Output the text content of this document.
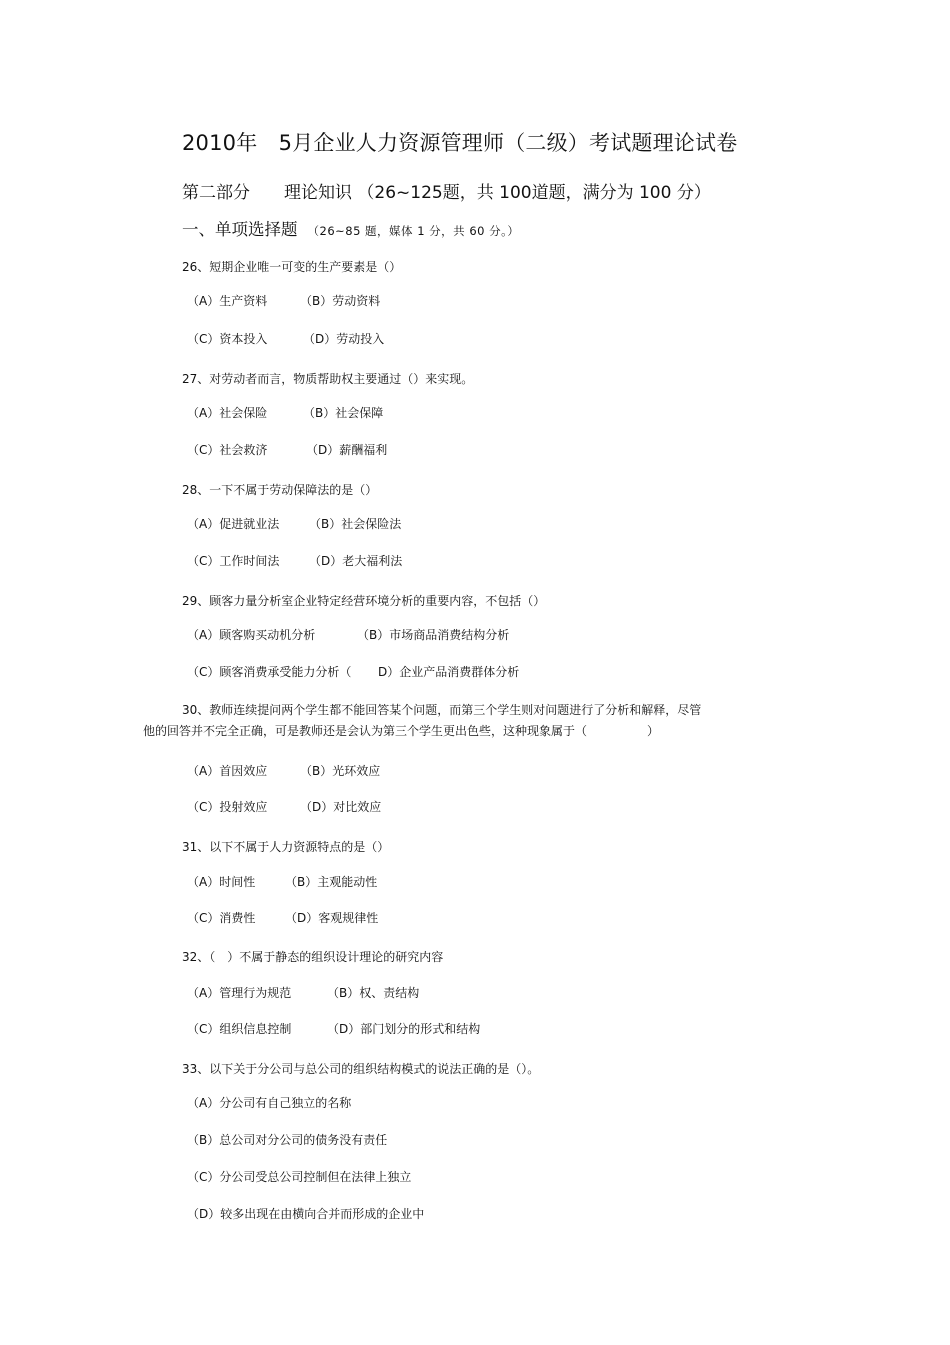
2010年　5月企业人力资源管理师（二级）考试题理论试卷
第二部分　　理论知识 （26~125题，共 100道题，满分为 100 分）
一、单项选择题 （26~85 题，媒体 1 分，共 60 分。）
26、短期企业唯一可变的生产要素是（）
（A）生产资料	（B）劳动资料
（C）资本投入	（D）劳动投入
27、对劳动者而言，物质帮助权主要通过（）来实现。
（A）社会保险	（B）社会保障
（C）社会救济	（D）薪酬福利
28、一下不属于劳动保障法的是（）
（A）促进就业法 （B）社会保险法
（C）工作时间法 （D）老大福利法
29、顾客力量分析室企业特定经营环境分析的重要内容，不包括（）
（A）顾客购买动机分析	（B）市场商品消费结构分析
（C）顾客消费承受能力分析（ D）企业产品消费群体分析
30、教师连续提问两个学生都不能回答某个问题，而第三个学生则对问题进行了分析和解释，尽管
他的回答并不完全正确，可是教师还是会认为第三个学生更出色些，这种现象属于（　　　　　）
（A）首因效应	（B）光环效应
（C）投射效应	（D）对比效应
31、以下不属于人力资源特点的是（）
（A）时间性 （B）主观能动性
（C）消费性 （D）客观规律性
32、（　）不属于静态的组织设计理论的研究内容
（A）管理行为规范	（B）权、责结构
（C）组织信息控制	（D）部门划分的形式和结构
33、以下关于分公司与总公司的组织结构模式的说法正确的是（）。
（A）分公司有自己独立的名称
（B）总公司对分公司的债务没有责任
（C）分公司受总公司控制但在法律上独立
（D）较多出现在由横向合并而形成的企业中
